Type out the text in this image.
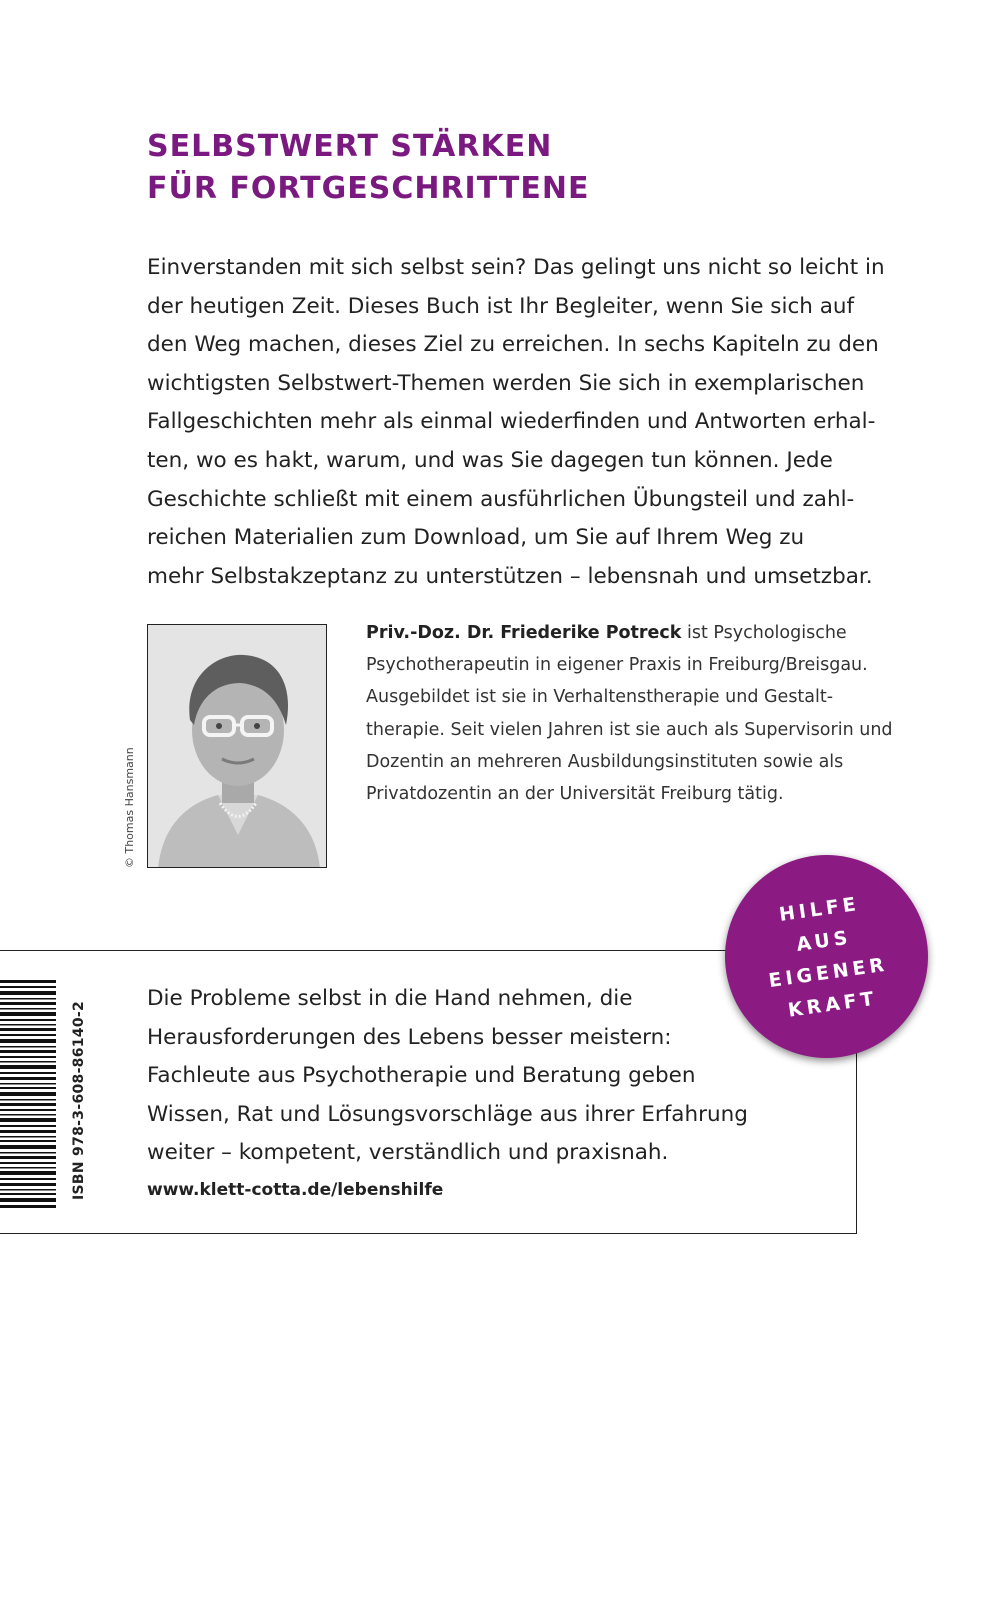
SELBSTWERT STÄRKEN
FÜR FORTGESCHRITTENE
Einverstanden mit sich selbst sein? Das gelingt uns nicht so leicht in
der heutigen Zeit. Dieses Buch ist Ihr Begleiter, wenn Sie sich auf
den Weg machen, dieses Ziel zu erreichen. In sechs Kapiteln zu den
wichtigsten Selbstwert-Themen werden Sie sich in exemplarischen
Fallgeschichten mehr als einmal wiederfinden und Antworten erhal-
ten, wo es hakt, warum, und was Sie dagegen tun können. Jede
Geschichte schließt mit einem ausführlichen Übungsteil und zahl-
reichen Materialien zum Download, um Sie auf Ihrem Weg zu
mehr Selbstakzeptanz zu unterstützen – lebensnah und umsetzbar.
© Thomas Hansmann
Priv.-Doz. Dr. Friederike Potreck ist Psychologische
Psychotherapeutin in eigener Praxis in Freiburg/Breisgau.
Ausgebildet ist sie in Verhaltenstherapie und Gestalt-
therapie. Seit vielen Jahren ist sie auch als Supervisorin und
Dozentin an mehreren Ausbildungsinstituten sowie als
Privatdozentin an der Universität Freiburg tätig.
ISBN 978-3-608-86140-2
Die Probleme selbst in die Hand nehmen, die
Herausforderungen des Lebens besser meistern:
Fachleute aus Psychotherapie und Beratung geben
Wissen, Rat und Lösungsvorschläge aus ihrer Erfahrung
weiter – kompetent, verständlich und praxisnah.
www.klett-cotta.de/lebenshilfe
HILFE
AUS
EIGENER
KRAFT
